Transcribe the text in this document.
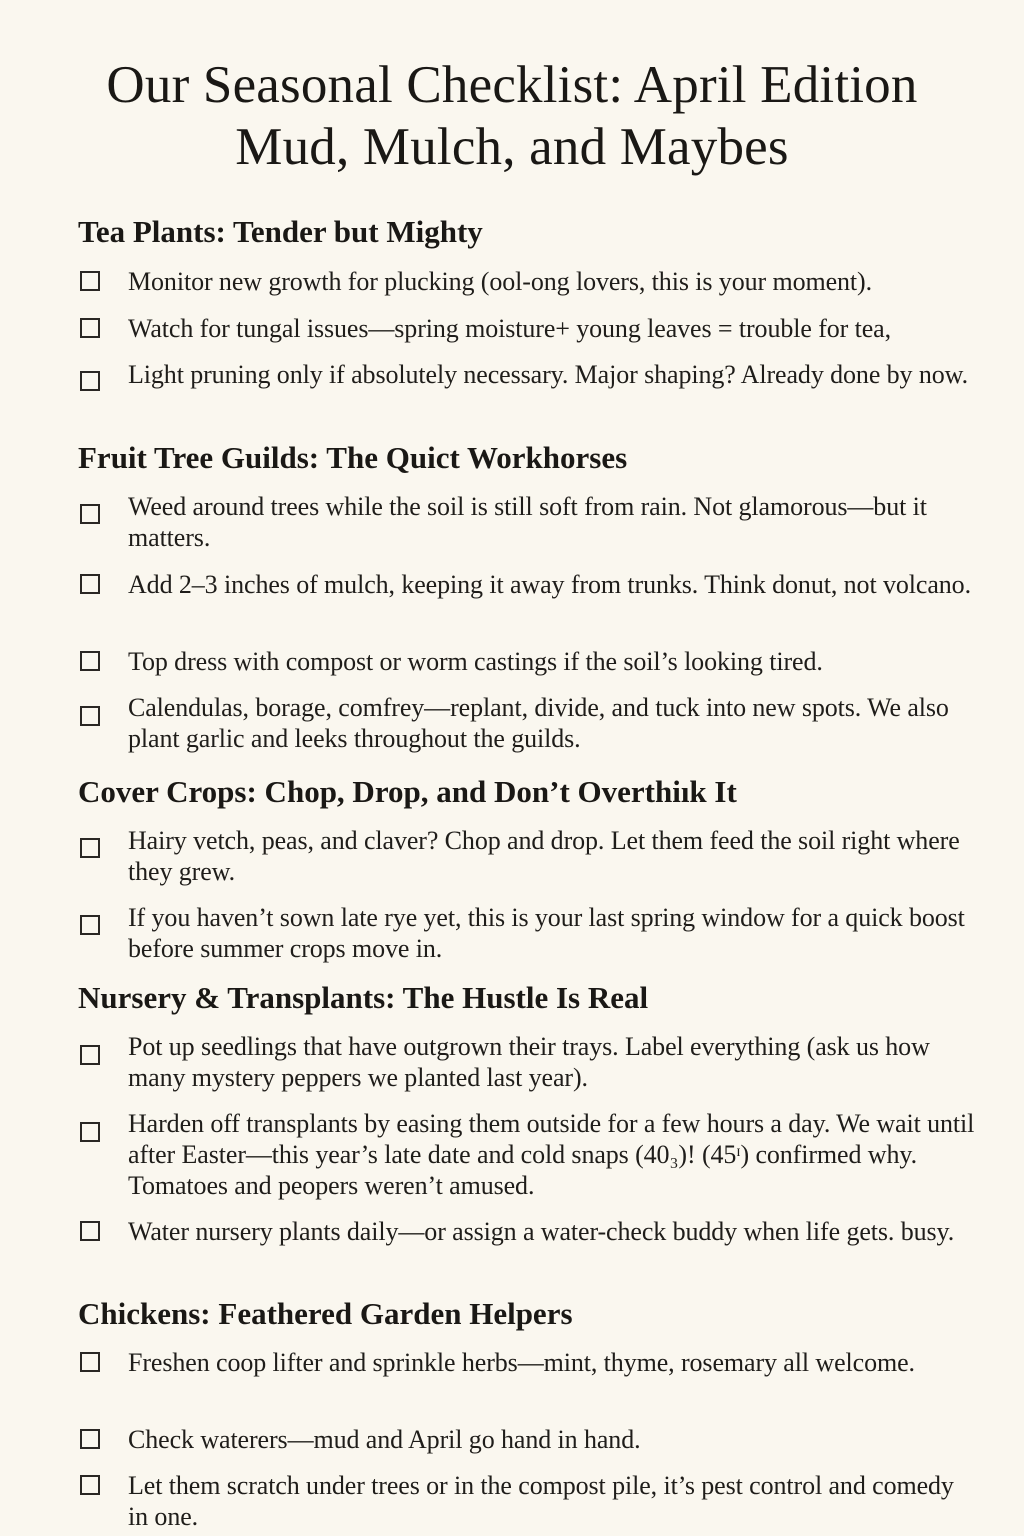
Our Seasonal Checklist: April Edition
Mud, Mulch, and Maybes
Tea Plants: Tender but Mighty
Monitor new growth for plucking (ool-ong lovers, this is your moment).
Watch for tungal issues—spring moisture+ young leaves = trouble for tea,
Light pruning only if absolutely necessary. Major shaping? Already done by now.
Fruit Tree Guilds: The Quict Workhorses
Weed around trees while the soil is still soft from rain. Not glamorous—but it matters.
Add 2–3 inches of mulch, keeping it away from trunks. Think donut, not volcano.
Top dress with compost or worm castings if the soil’s looking tired.
Calendulas, borage, comfrey—replant, divide, and tuck into new spots. We also plant garlic and leeks throughout the guilds.
Cover Crops: Chop, Drop, and Don’t Overthiık It
Hairy vetch, peas, and claver? Chop and drop. Let them feed the soil right where they grew.
If you haven’t sown late rye yet, this is your last spring window for a quick boost before summer crops move in.
Nursery & Transplants: The Hustle Is Real
Pot up seedlings that have outgrown their trays. Label everything (ask us how many mystery peppers we planted last year).
Harden off transplants by easing them outside for a few hours a day. We wait until after Easter—this year’s late date and cold snaps (40₃)! (45ᶦ) confirmed why. Tomatoes and peopers weren’t amused.
Water nursery plants daily—or assign a water-check buddy when life gets. busy.
Chickens: Feathered Garden Helpers
Freshen coop lifter and sprinkle herbs—mint, thyme, rosemary all welcome.
Check waterers—mud and April go hand in hand.
Let them scratch under trees or in the compost pile, it’s pest control and comedy in one.
